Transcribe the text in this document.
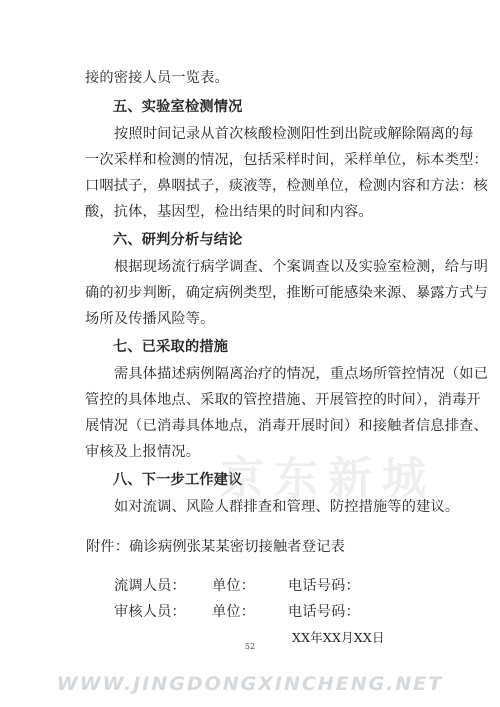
接的密接人员一览表。
五、实验室检测情况
按照时间记录从首次核酸检测阳性到出院或解除隔离的每
一次采样和检测的情况，包括采样时间，采样单位，标本类型：
口咽拭子，鼻咽拭子，痰液等，检测单位，检测内容和方法：核
酸，抗体，基因型，检出结果的时间和内容。
六、研判分析与结论
根据现场流行病学调查、个案调查以及实验室检测，给与明
确的初步判断，确定病例类型，推断可能感染来源、暴露方式与
场所及传播风险等。
七、已采取的措施
需具体描述病例隔离治疗的情况，重点场所管控情况（如已
管控的具体地点、采取的管控措施、开展管控的时间），消毒开
展情况（已消毒具体地点，消毒开展时间）和接触者信息排查、
审核及上报情况。
八、下一步工作建议
如对流调、风险人群排查和管理、防控措施等的建议。
附件：确诊病例张某某密切接触者登记表
流调人员： 单位： 电话号码：
审核人员： 单位： 电话号码：
XX年XX月XX日
52
京东新城
WWW.JINGDONGXINCHENG.NET
